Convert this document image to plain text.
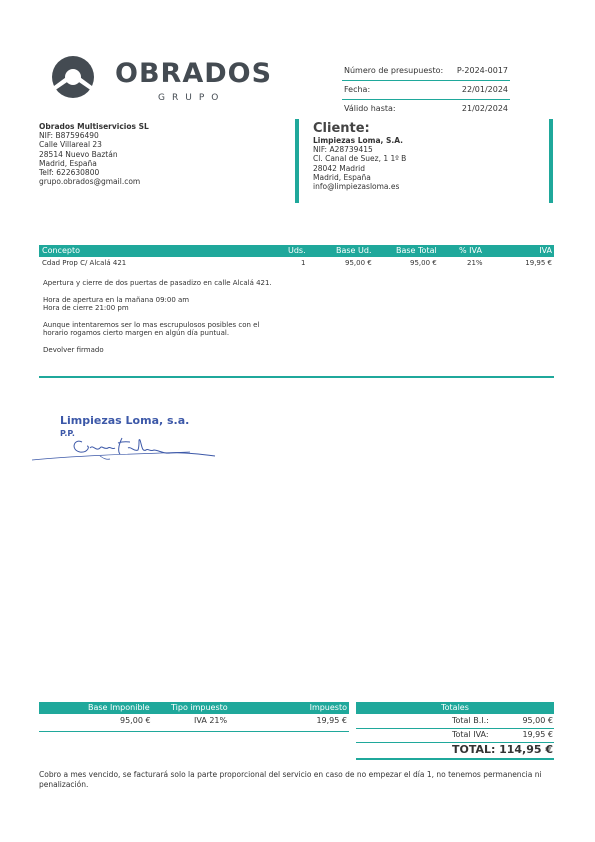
OBRADOS
GRUPO
Número de presupuesto: P-2024-0017
Fecha:	22/01/2024
Válido hasta:	21/02/2024
Obrados Multiservicios SL
NIF: B87596490
Calle Villareal 23
28514 Nuevo Baztán
Madrid, España
Telf: 622630800
grupo.obrados@gmail.com
Cliente:
Limpiezas Loma, S.A.
NIF: A28739415
Cl. Canal de Suez, 1 1º B
28042 Madrid
Madrid, España
info@limpiezasloma.es
Concepto	Uds.	Base Ud.	Base Total	% IVA	IVA
Cdad Prop C/ Alcalá 421	1	95,00 €	95,00 €	21%	19,95 €

Apertura y cierre de dos puertas de pasadizo en calle Alcalá 421.

Hora de apertura en la mañana 09:00 am
Hora de cierre 21:00 pm

Aunque intentaremos ser lo mas escrupulosos posibles con el horario rogamos cierto margen en algún día puntual.

Devolver firmado

Limpiezas Loma, s.a.
P.P.
Base Imponible	Tipo impuesto	Impuesto
95,00 €	IVA 21%	19,95 €
Totales
Total B.I.:	95,00 €
Total IVA:	19,95 €
TOTAL: 114,95 €
Cobro a mes vencido, se facturará solo la parte proporcional del servicio en caso de no empezar el día 1, no tenemos permanencia ni penalización.
